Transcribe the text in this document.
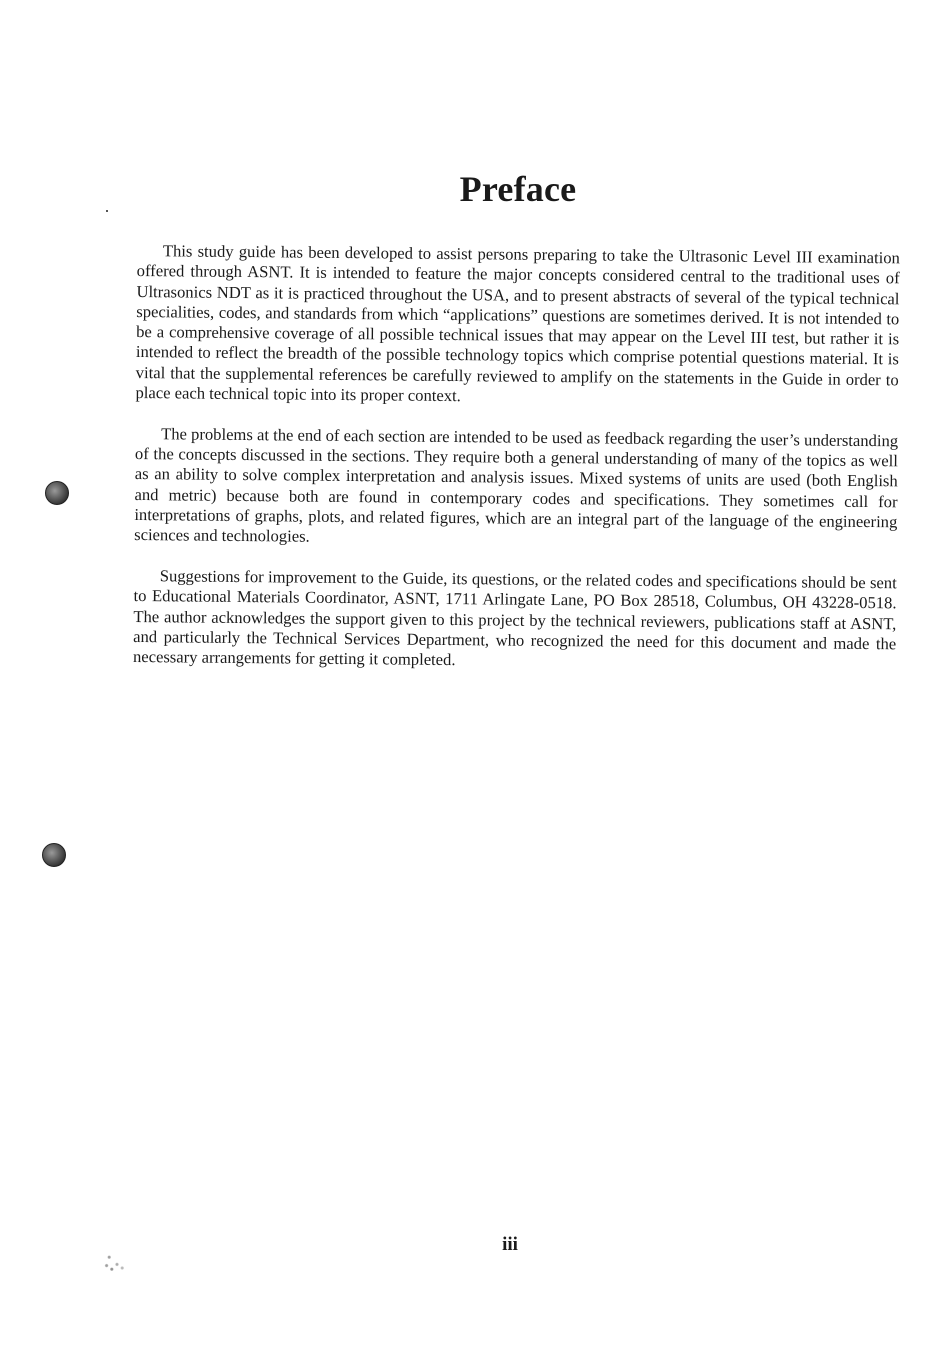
Preface

This study guide has been developed to assist persons preparing to take the Ultrasonic Level III examination offered through ASNT. It is intended to feature the major concepts considered central to the traditional uses of Ultrasonics NDT as it is practiced throughout the USA, and to present abstracts of several of the typical technical specialities, codes, and standards from which “applications” questions are sometimes derived. It is not intended to be a comprehensive coverage of all possible technical issues that may appear on the Level III test, but rather it is intended to reflect the breadth of the possible technology topics which comprise potential questions material. It is vital that the supplemental references be carefully reviewed to amplify on the statements in the Guide in order to place each technical topic into its proper context.

The problems at the end of each section are intended to be used as feedback regarding the user’s understanding of the concepts discussed in the sections. They require both a general understanding of many of the topics as well as an ability to solve complex interpretation and analysis issues. Mixed systems of units are used (both English and metric) because both are found in contemporary codes and specifications. They sometimes call for interpretations of graphs, plots, and related figures, which are an integral part of the language of the engineering sciences and technologies.

Suggestions for improvement to the Guide, its questions, or the related codes and specifications should be sent to Educational Materials Coordinator, ASNT, 1711 Arlingate Lane, PO Box 28518, Columbus, OH 43228-0518. The author acknowledges the support given to this project by the technical reviewers, publications staff at ASNT, and particularly the Technical Services Department, who recognized the need for this document and made the necessary arrangements for getting it completed.

iii
